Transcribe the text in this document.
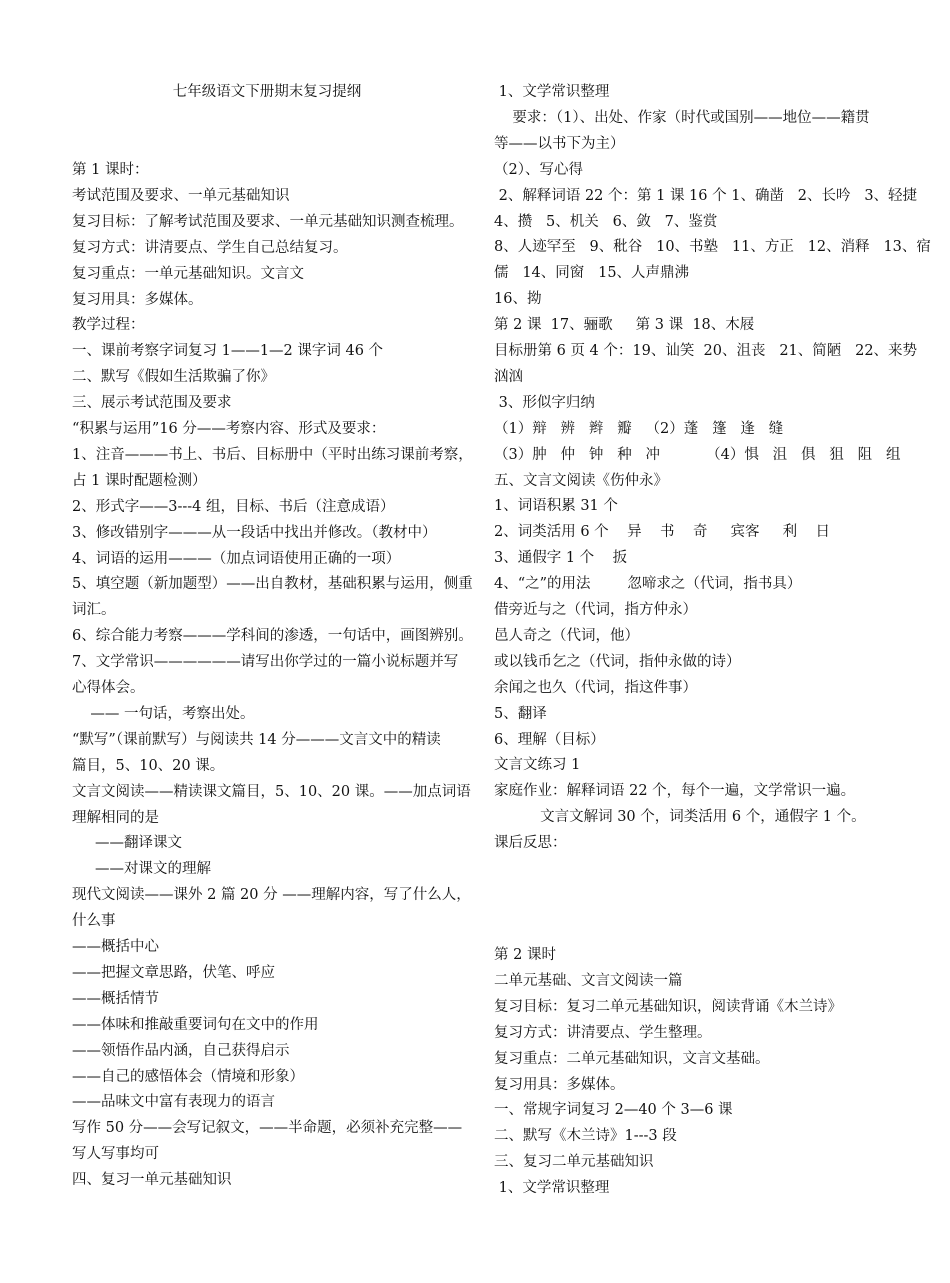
七年级语文下册期末复习提纲
第 1 课时：
考试范围及要求、一单元基础知识
复习目标：了解考试范围及要求、一单元基础知识测查梳理。
复习方式：讲清要点、学生自己总结复习。
复习重点：一单元基础知识。文言文
复习用具：多媒体。
教学过程：
一、课前考察字词复习 1——1—2 课字词 46 个
二、默写《假如生活欺骗了你》
三、展示考试范围及要求
“积累与运用”16 分——考察内容、形式及要求：
1、注音———书上、书后、目标册中（平时出练习课前考察，
占 1 课时配题检测）
2、形式字——3---4 组，目标、书后（注意成语）
3、修改错别字———从一段话中找出并修改。（教材中）
4、词语的运用———（加点词语使用正确的一项）
5、填空题（新加题型）——出自教材，基础积累与运用，侧重
词汇。
6、综合能力考察———学科间的渗透，一句话中，画图辨别。
7、文学常识——————请写出你学过的一篇小说标题并写
心得体会。
—— 一句话，考察出处。
“默写”（课前默写）与阅读共 14 分———文言文中的精读
篇目，5、10、20 课。
文言文阅读——精读课文篇目，5、10、20 课。——加点词语
理解相同的是
——翻译课文
——对课文的理解
现代文阅读——课外 2 篇 20 分 ——理解内容，写了什么人，
什么事
——概括中心
——把握文章思路，伏笔、呼应
——概括情节
——体味和推敲重要词句在文中的作用
——领悟作品内涵，自己获得启示
——自己的感悟体会（情境和形象）
——品味文中富有表现力的语言
写作 50 分——会写记叙文，——半命题，必须补充完整——
写人写事均可
四、复习一单元基础知识
1、文学常识整理
要求：（1）、出处、作家（时代或国别——地位——籍贯
等——以书下为主）
（2）、写心得
2、解释词语 22 个：第 1 课 16 个 1、确凿   2、长吟   3、轻捷
4、攒   5、机关   6、敛   7、鉴赏
8、人迹罕至   9、秕谷   10、书塾   11、方正   12、消释   13、宿
儒   14、同窗   15、人声鼎沸
16、拗
第 2 课  17、骊歌     第 3 课  18、木屐
目标册第 6 页 4 个：19、讪笑  20、沮丧   21、简陋   22、来势
汹汹
3、形似字归纳
（1）辩   辨   辫   瓣   （2）蓬   篷   逢   缝
（3）肿   仲   钟   种   冲          （4）惧   沮   俱   狙   阻   组
五、文言文阅读《伤仲永》
1、词语积累 31 个
2、词类活用 6 个    异    书    奇     宾客     利    日
3、通假字 1 个    扳
4、“之”的用法        忽啼求之（代词，指书具）
借旁近与之（代词，指方仲永）
邑人奇之（代词，他）
或以钱币乞之（代词，指仲永做的诗）
余闻之也久（代词，指这件事）
5、翻译
6、理解（目标）
文言文练习 1
家庭作业：解释词语 22 个，每个一遍，文学常识一遍。
文言文解词 30 个，词类活用 6 个，通假字 1 个。
课后反思：
第 2 课时
二单元基础、文言文阅读一篇
复习目标：复习二单元基础知识，阅读背诵《木兰诗》
复习方式：讲清要点、学生整理。
复习重点：二单元基础知识，文言文基础。
复习用具：多媒体。
一、常规字词复习 2—40 个 3—6 课
二、默写《木兰诗》1---3 段
三、复习二单元基础知识
1、文学常识整理
